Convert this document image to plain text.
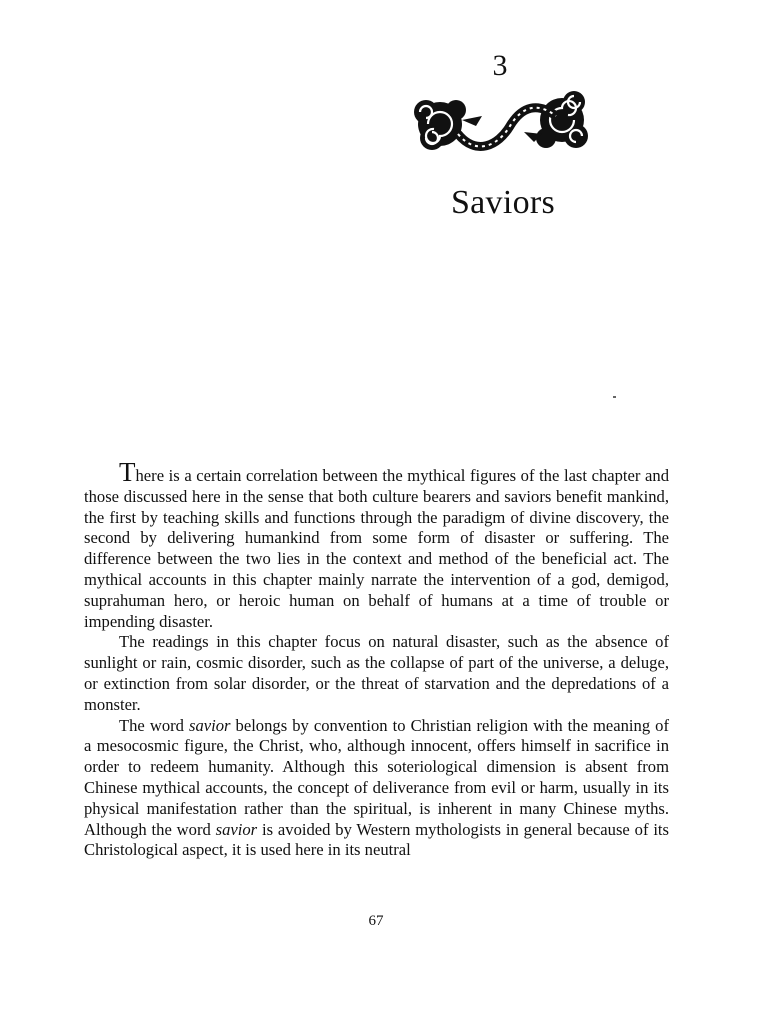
3
Saviors

There is a certain correlation between the mythical figures of the last chapter and those discussed here in the sense that both culture bearers and saviors benefit mankind, the first by teaching skills and functions through the paradigm of divine discovery, the second by delivering humankind from some form of disaster or suffering. The difference between the two lies in the context and method of the beneficial act. The mythical accounts in this chapter mainly narrate the intervention of a god, demigod, suprahuman hero, or heroic human on behalf of humans at a time of trouble or impending disaster.

The readings in this chapter focus on natural disaster, such as the absence of sunlight or rain, cosmic disorder, such as the collapse of part of the universe, a deluge, or extinction from solar disorder, or the threat of starvation and the depredations of a monster.

The word savior belongs by convention to Christian religion with the meaning of a mesocosmic figure, the Christ, who, although innocent, offers himself in sacrifice in order to redeem humanity. Although this soteriological dimension is absent from Chinese mythical accounts, the concept of deliverance from evil or harm, usually in its physical manifestation rather than the spiritual, is inherent in many Chinese myths. Although the word savior is avoided by Western mythologists in general because of its Christological aspect, it is used here in its neutral

67
